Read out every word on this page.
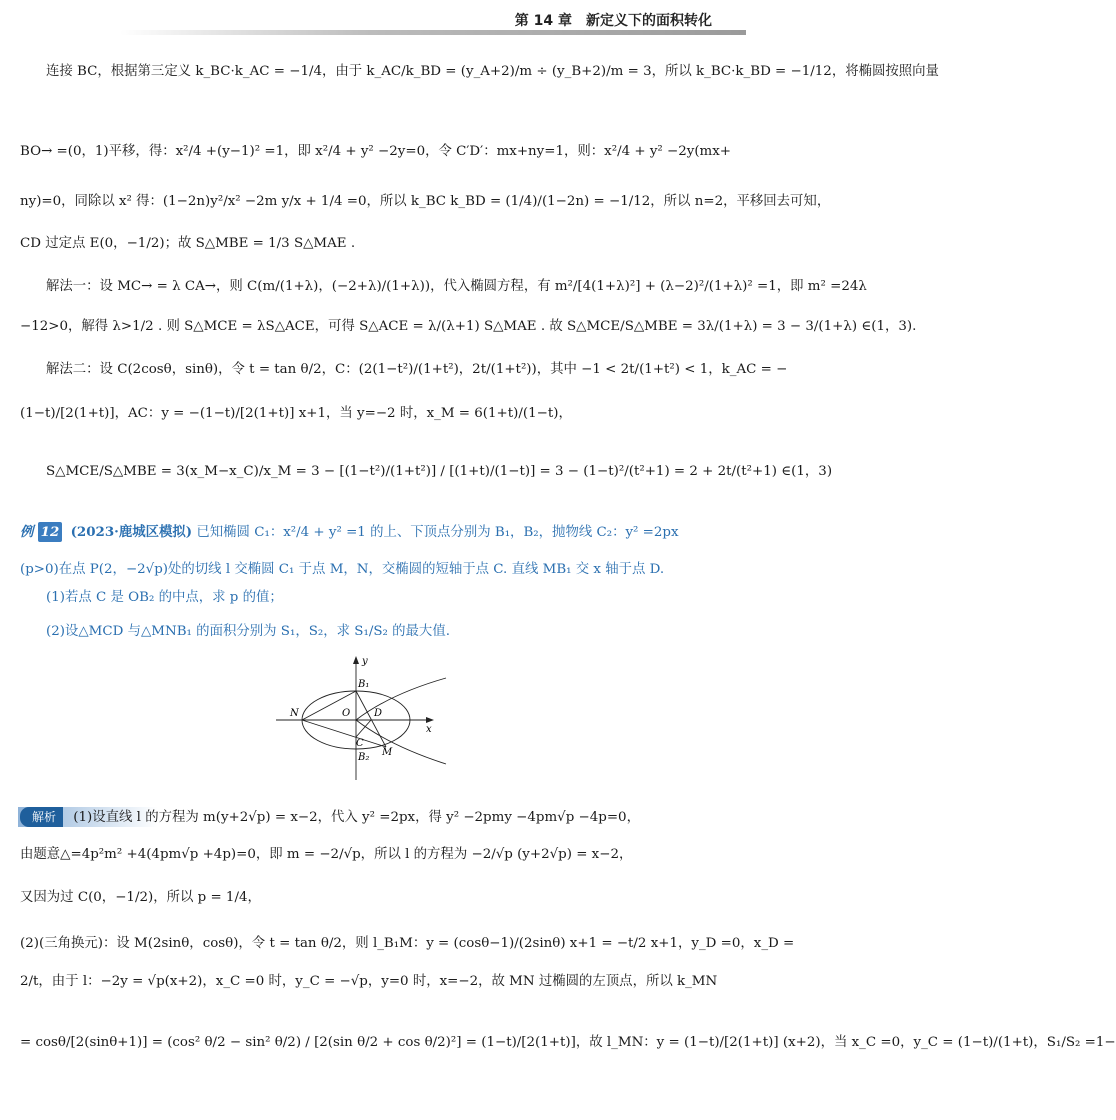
第 14 章　新定义下的面积转化
连接 BC，根据第三定义 k_BC·k_AC = −1/4，由于 k_AC/k_BD = (y_A+2)/m ÷ (y_B+2)/m = 3，所以 k_BC·k_BD = −1/12，将椭圆按照向量
BO→ =(0，1)平移，得：x²/4 +(y−1)² =1，即 x²/4 + y² −2y=0，令 C′D′：mx+ny=1，则：x²/4 + y² −2y(mx+
ny)=0，同除以 x² 得：(1−2n)y²/x² −2m y/x + 1/4 =0，所以 k_BC k_BD = (1/4)/(1−2n) = −1/12，所以 n=2，平移回去可知，
CD 过定点 E(0，−1/2)；故 S△MBE = 1/3 S△MAE .
解法一：设 MC→ = λ CA→，则 C(m/(1+λ)，(−2+λ)/(1+λ))，代入椭圆方程，有 m²/[4(1+λ)²] + (λ−2)²/(1+λ)² =1，即 m² =24λ
−12>0，解得 λ>1/2 . 则 S△MCE = λS△ACE，可得 S△ACE = λ/(λ+1) S△MAE . 故 S△MCE/S△MBE = 3λ/(1+λ) = 3 − 3/(1+λ) ∈(1，3).
解法二：设 C(2cosθ，sinθ)，令 t = tan θ/2，C：(2(1−t²)/(1+t²)，2t/(1+t²))，其中 −1 < 2t/(1+t²) < 1，k_AC = −
(1−t)/[2(1+t)]，AC：y = −(1−t)/[2(1+t)] x+1，当 y=−2 时，x_M = 6(1+t)/(1−t)，
S△MCE/S△MBE = 3(x_M−x_C)/x_M = 3 − [(1−t²)/(1+t²)] / [(1+t)/(1−t)] = 3 − (1−t)²/(t²+1) = 2 + 2t/(t²+1) ∈(1，3)
例 12 (2023·鹿城区模拟) 已知椭圆 C₁：x²/4 + y² =1 的上、下顶点分别为 B₁，B₂，抛物线 C₂：y² =2px
(p>0)在点 P(2，−2√p)处的切线 l 交椭圆 C₁ 于点 M，N，交椭圆的短轴于点 C. 直线 MB₁ 交 x 轴于点 D.
(1)若点 C 是 OB₂ 的中点，求 p 的值；
(2)设△MCD 与△MNB₁ 的面积分别为 S₁，S₂，求 S₁/S₂ 的最大值.
y
x
B₁
B₂
N	O D
C
M
解析 (1)设直线 l 的方程为 m(y+2√p) = x−2，代入 y² =2px，得 y² −2pmy −4pm√p −4p=0，
由题意△=4p²m² +4(4pm√p +4p)=0，即 m = −2/√p，所以 l 的方程为 −2/√p (y+2√p) = x−2，
又因为过 C(0，−1/2)，所以 p = 1/4，
(2)(三角换元)：设 M(2sinθ，cosθ)，令 t = tan θ/2，则 l_B₁M：y = (cosθ−1)/(2sinθ) x+1 = −t/2 x+1，y_D =0，x_D =
2/t，由于 l：−2y = √p(x+2)，x_C =0 时，y_C = −√p，y=0 时，x=−2，故 MN 过椭圆的左顶点，所以 k_MN
= cosθ/[2(sinθ+1)] = (cos² θ/2 − sin² θ/2) / [2(sin θ/2 + cos θ/2)²] = (1−t)/[2(1+t)]，故 l_MN：y = (1−t)/[2(1+t)] (x+2)，当 x_C =0，y_C = (1−t)/(1+t)，S₁/S₂ =1−
